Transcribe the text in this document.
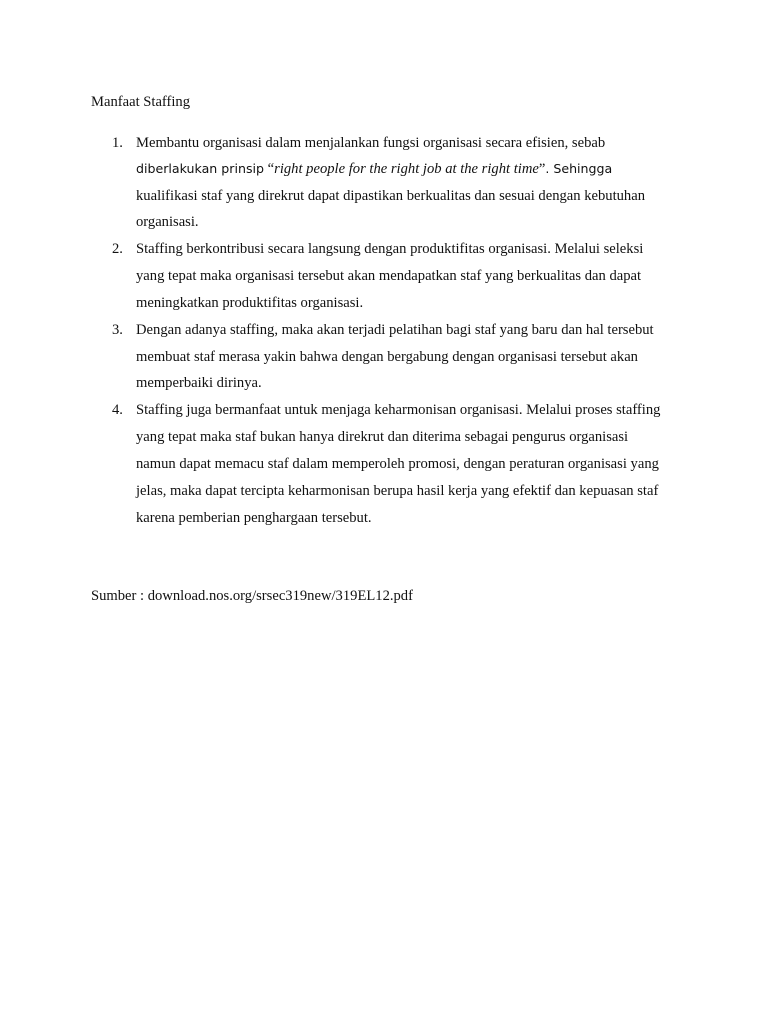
Manfaat Staffing
1. Membantu organisasi dalam menjalankan fungsi organisasi secara efisien, sebab
diberlakukan prinsip “right people for the right job at the right time”. Sehingga
kualifikasi staf yang direkrut dapat dipastikan berkualitas dan sesuai dengan kebutuhan
organisasi.
2. Staffing berkontribusi secara langsung dengan produktifitas organisasi. Melalui seleksi
yang tepat maka organisasi tersebut akan mendapatkan staf yang berkualitas dan dapat
meningkatkan produktifitas organisasi.
3. Dengan adanya staffing, maka akan terjadi pelatihan bagi staf yang baru dan hal tersebut
membuat staf merasa yakin bahwa dengan bergabung dengan organisasi tersebut akan
memperbaiki dirinya.
4. Staffing juga bermanfaat untuk menjaga keharmonisan organisasi. Melalui proses staffing
yang tepat maka staf bukan hanya direkrut dan diterima sebagai pengurus organisasi
namun dapat memacu staf dalam memperoleh promosi, dengan peraturan organisasi yang
jelas, maka dapat tercipta keharmonisan berupa hasil kerja yang efektif dan kepuasan staf
karena pemberian penghargaan tersebut.
Sumber : download.nos.org/srsec319new/319EL12.pdf
